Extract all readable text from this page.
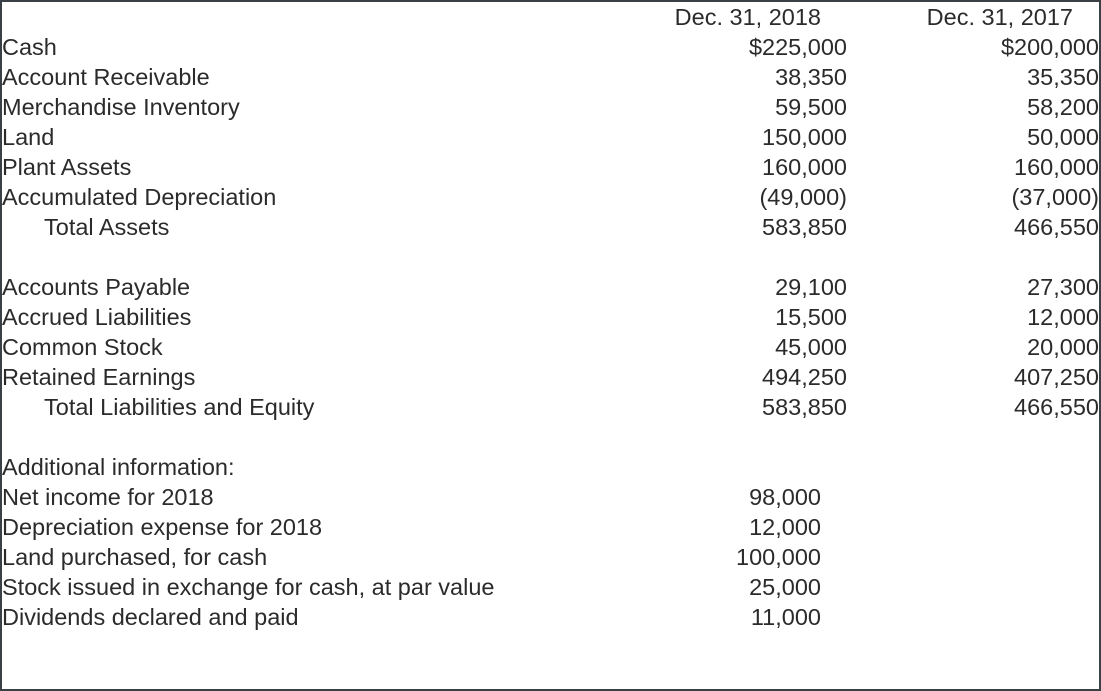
	Dec. 31, 2018	Dec. 31, 2017
Cash	$225,000	$200,000
Account Receivable	38,350	35,350
Merchandise Inventory	59,500	58,200
Land	150,000	50,000
Plant Assets	160,000	160,000
Accumulated Depreciation	(49,000)	(37,000)
Total Assets	583,850	466,550

Accounts Payable	29,100	27,300
Accrued Liabilities	15,500	12,000
Common Stock	45,000	20,000
Retained Earnings	494,250	407,250
Total Liabilities and Equity	583,850	466,550

Additional information:		
Net income for 2018	98,000	
Depreciation expense for 2018	12,000	
Land purchased, for cash	100,000	
Stock issued in exchange for cash, at par value	25,000	
Dividends declared and paid	11,000	
